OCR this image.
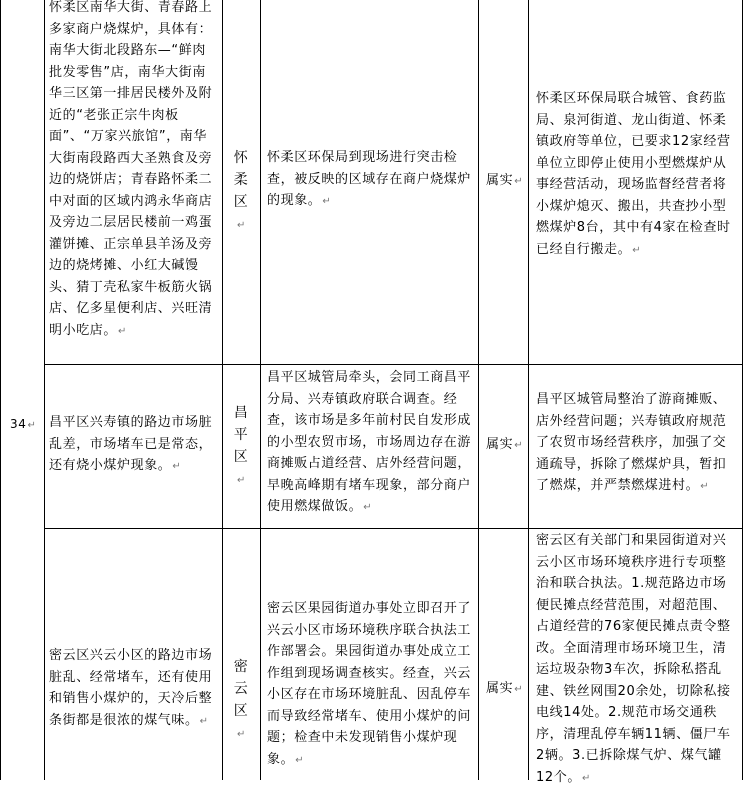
34↵

怀柔区南华大街、青春路上多家商户烧煤炉，具体有：南华大街北段路东—“鲜肉批发零售”店，南华大街南华三区第一排居民楼外及附近的“老张正宗牛肉板面”、“万家兴旅馆”，南华大街南段路西大圣熟食及旁边的烧饼店；青春路怀柔二中对面的区域内鸿永华商店及旁边二层居民楼前一鸡蛋灌饼摊、正宗单县羊汤及旁边的烧烤摊、小红大碱馒头、猜丁壳私家牛板筋火锅店、亿多星便利店、兴旺清明小吃店。↵

怀柔区↵

怀柔区环保局到现场进行突击检查，被反映的区域存在商户烧煤炉的现象。↵

属实↵

怀柔区环保局联合城管、食药监局、泉河街道、龙山街道、怀柔镇政府等单位，已要求12家经营单位立即停止使用小型燃煤炉从事经营活动，现场监督经营者将小煤炉熄灭、搬出，共查抄小型燃煤炉8台，其中有4家在检查时已经自行搬走。↵

昌平区兴寿镇的路边市场脏乱差，市场堵车已是常态，还有烧小煤炉现象。↵

昌平区↵

昌平区城管局牵头，会同工商昌平分局、兴寿镇政府联合调查。经查，该市场是多年前村民自发形成的小型农贸市场，市场周边存在游商摊贩占道经营、店外经营问题，早晚高峰期有堵车现象，部分商户使用燃煤做饭。↵

属实↵

昌平区城管局整治了游商摊贩、店外经营问题；兴寿镇政府规范了农贸市场经营秩序，加强了交通疏导，拆除了燃煤炉具，暂扣了燃煤，并严禁燃煤进村。↵

密云区兴云小区的路边市场脏乱、经常堵车，还有使用和销售小煤炉的，天冷后整条街都是很浓的煤气味。↵

密云区↵

密云区果园街道办事处立即召开了兴云小区市场环境秩序联合执法工作部署会。果园街道办事处成立工作组到现场调查核实。经查，兴云小区存在市场环境脏乱、因乱停车而导致经常堵车、使用小煤炉的问题；检查中未发现销售小煤炉现象。↵

属实↵

密云区有关部门和果园街道对兴云小区市场环境秩序进行专项整治和联合执法。1.规范路边市场便民摊点经营范围，对超范围、占道经营的76家便民摊点责令整改。全面清理市场环境卫生，清运垃圾杂物3车次，拆除私搭乱建、铁丝网围20余处，切除私接电线14处。2.规范市场交通秩序，清理乱停车辆11辆、僵尸车2辆。3.已拆除煤气炉、煤气罐12个。↵
